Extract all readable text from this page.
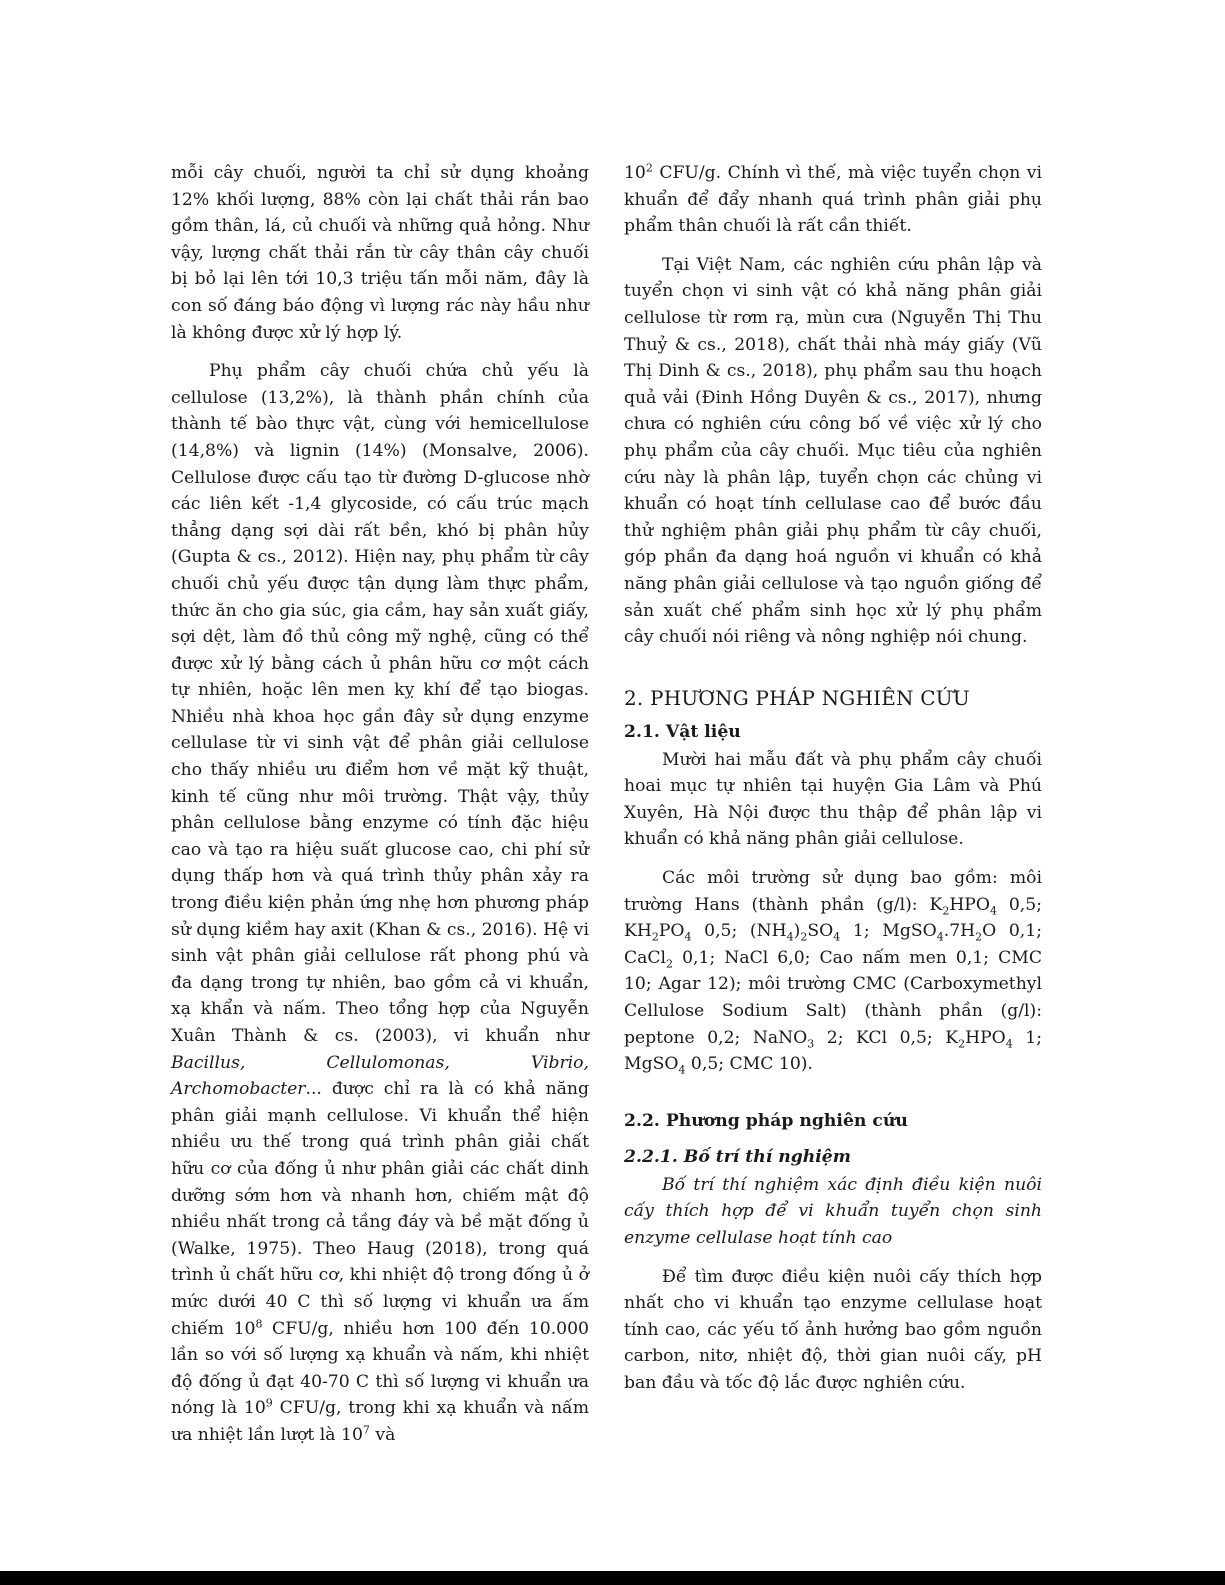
mỗi cây chuối, người ta chỉ sử dụng khoảng 12% khối lượng, 88% còn lại chất thải rắn bao gồm thân, lá, củ chuối và những quả hỏng. Như vậy, lượng chất thải rắn từ cây thân cây chuối bị bỏ lại lên tới 10,3 triệu tấn mỗi năm, đây là con số đáng báo động vì lượng rác này hầu như là không được xử lý hợp lý.

Phụ phẩm cây chuối chứa chủ yếu là cellulose (13,2%), là thành phần chính của thành tế bào thực vật, cùng với hemicellulose (14,8%) và lignin (14%) (Monsalve, 2006). Cellulose được cấu tạo từ đường D-glucose nhờ các liên kết -1,4 glycoside, có cấu trúc mạch thẳng dạng sợi dài rất bền, khó bị phân hủy (Gupta & cs., 2012). Hiện nay, phụ phẩm từ cây chuối chủ yếu được tận dụng làm thực phẩm, thức ăn cho gia súc, gia cầm, hay sản xuất giấy, sợi dệt, làm đồ thủ công mỹ nghệ, cũng có thể được xử lý bằng cách ủ phân hữu cơ một cách tự nhiên, hoặc lên men kỵ khí để tạo biogas. Nhiều nhà khoa học gần đây sử dụng enzyme cellulase từ vi sinh vật để phân giải cellulose cho thấy nhiều ưu điểm hơn về mặt kỹ thuật, kinh tế cũng như môi trường. Thật vậy, thủy phân cellulose bằng enzyme có tính đặc hiệu cao và tạo ra hiệu suất glucose cao, chi phí sử dụng thấp hơn và quá trình thủy phân xảy ra trong điều kiện phản ứng nhẹ hơn phương pháp sử dụng kiềm hay axit (Khan & cs., 2016). Hệ vi sinh vật phân giải cellulose rất phong phú và đa dạng trong tự nhiên, bao gồm cả vi khuẩn, xạ khẩn và nấm. Theo tổng hợp của Nguyễn Xuân Thành & cs. (2003), vi khuẩn như Bacillus, Cellulomonas, Vibrio, Archomobacter... được chỉ ra là có khả năng phân giải mạnh cellulose. Vi khuẩn thể hiện nhiều ưu thế trong quá trình phân giải chất hữu cơ của đống ủ như phân giải các chất dinh dưỡng sớm hơn và nhanh hơn, chiếm mật độ nhiều nhất trong cả tầng đáy và bề mặt đống ủ (Walke, 1975). Theo Haug (2018), trong quá trình ủ chất hữu cơ, khi nhiệt độ trong đống ủ ở mức dưới 40 C thì số lượng vi khuẩn ưa ấm chiếm $10^8$ CFU/g, nhiều hơn 100 đến 10.000 lần so với số lượng xạ khuẩn và nấm, khi nhiệt độ đống ủ đạt 40-70 C thì số lượng vi khuẩn ưa nóng là $10^9$ CFU/g, trong khi xạ khuẩn và nấm ưa nhiệt lần lượt là $10^7$ và

$10^2$ CFU/g. Chính vì thế, mà việc tuyển chọn vi khuẩn để đẩy nhanh quá trình phân giải phụ phẩm thân chuối là rất cần thiết.

Tại Việt Nam, các nghiên cứu phân lập và tuyển chọn vi sinh vật có khả năng phân giải cellulose từ rơm rạ, mùn cưa (Nguyễn Thị Thu Thuỷ & cs., 2018), chất thải nhà máy giấy (Vũ Thị Dinh & cs., 2018), phụ phẩm sau thu hoạch quả vải (Đinh Hồng Duyên & cs., 2017), nhưng chưa có nghiên cứu công bố về việc xử lý cho phụ phẩm của cây chuối. Mục tiêu của nghiên cứu này là phân lập, tuyển chọn các chủng vi khuẩn có hoạt tính cellulase cao để bước đầu thử nghiệm phân giải phụ phẩm từ cây chuối, góp phần đa dạng hoá nguồn vi khuẩn có khả năng phân giải cellulose và tạo nguồn giống để sản xuất chế phẩm sinh học xử lý phụ phẩm cây chuối nói riêng và nông nghiệp nói chung.

2. PHƯƠNG PHÁP NGHIÊN CỨU
2.1. Vật liệu

Mười hai mẫu đất và phụ phẩm cây chuối hoai mục tự nhiên tại huyện Gia Lâm và Phú Xuyên, Hà Nội được thu thập để phân lập vi khuẩn có khả năng phân giải cellulose.

Các môi trường sử dụng bao gồm: môi trường Hans (thành phần (g/l): $K_2HPO_4$ 0,5; $KH_2PO_4$ 0,5; $(NH_4)_2SO_4$ 1; $MgSO_4.7H_2O$ 0,1; CaCl$_2$ 0,1; NaCl 6,0; Cao nấm men 0,1; CMC 10; Agar 12); môi trường CMC (Carboxymethyl Cellulose Sodium Salt) (thành phần (g/l): peptone 0,2; NaNO$_3$ 2; KCl 0,5; $K_2HPO_4$ 1; MgSO$_4$ 0,5; CMC 10).

2.2. Phương pháp nghiên cứu
2.2.1. Bố trí thí nghiệm

Bố trí thí nghiệm xác định điều kiện nuôi cấy thích hợp để vi khuẩn tuyển chọn sinh enzyme cellulase hoạt tính cao

Để tìm được điều kiện nuôi cấy thích hợp nhất cho vi khuẩn tạo enzyme cellulase hoạt tính cao, các yếu tố ảnh hưởng bao gồm nguồn carbon, nitơ, nhiệt độ, thời gian nuôi cấy, pH ban đầu và tốc độ lắc được nghiên cứu.
